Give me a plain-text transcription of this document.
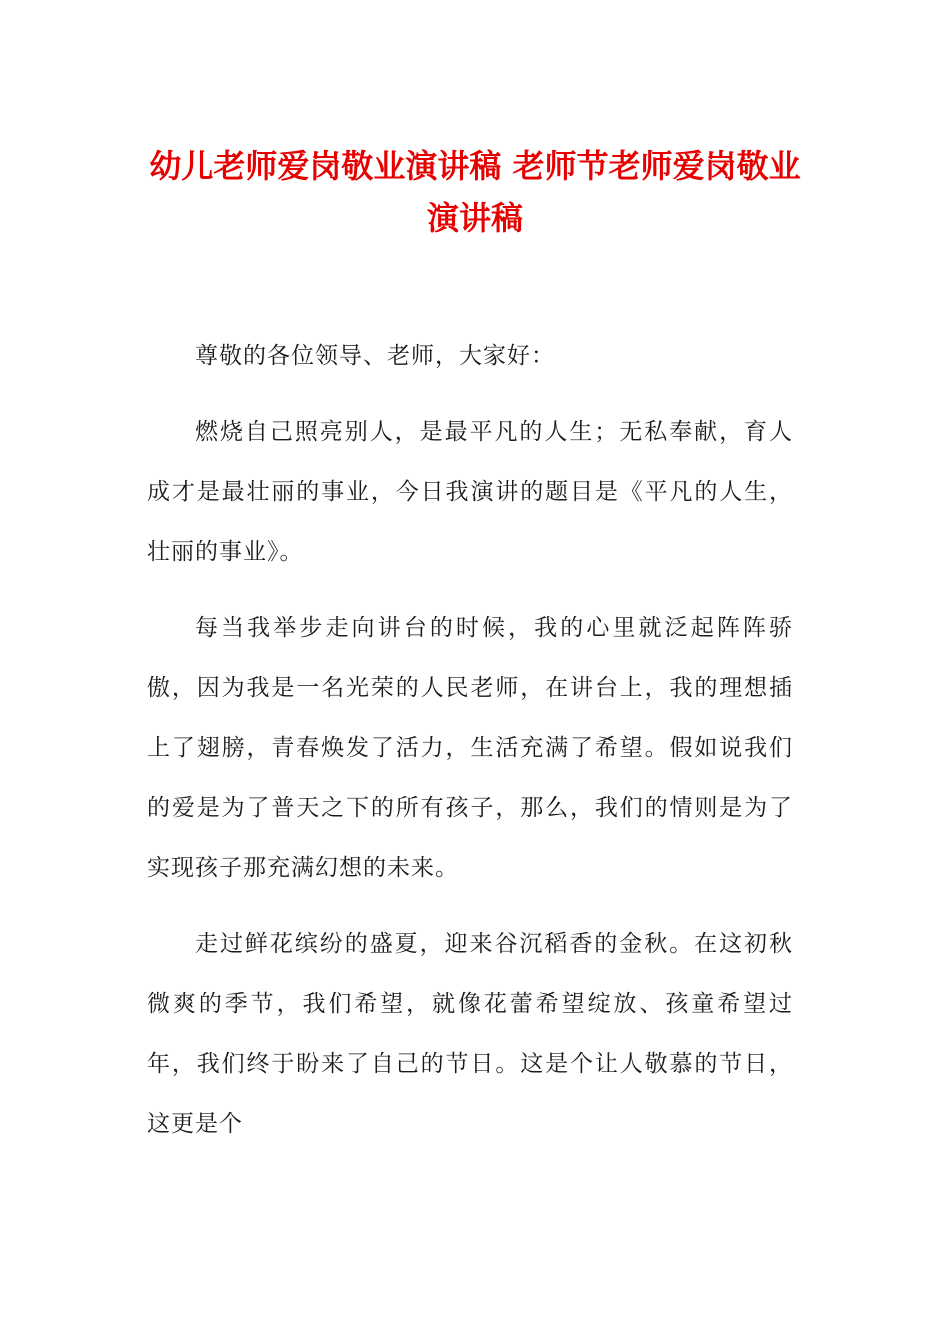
幼儿老师爱岗敬业演讲稿 老师节老师爱岗敬业演讲稿

尊敬的各位领导、老师，大家好：

燃烧自己照亮别人，是最平凡的人生；无私奉献，育人成才是最壮丽的事业，今日我演讲的题目是《平凡的人生，壮丽的事业》。

每当我举步走向讲台的时候，我的心里就泛起阵阵骄傲，因为我是一名光荣的人民老师，在讲台上，我的理想插上了翅膀，青春焕发了活力，生活充满了希望。假如说我们的爱是为了普天之下的所有孩子，那么，我们的情则是为了实现孩子那充满幻想的未来。

走过鲜花缤纷的盛夏，迎来谷沉稻香的金秋。在这初秋微爽的季节，我们希望，就像花蕾希望绽放、孩童希望过年，我们终于盼来了自己的节日。这是个让人敬慕的节日，这更是个
